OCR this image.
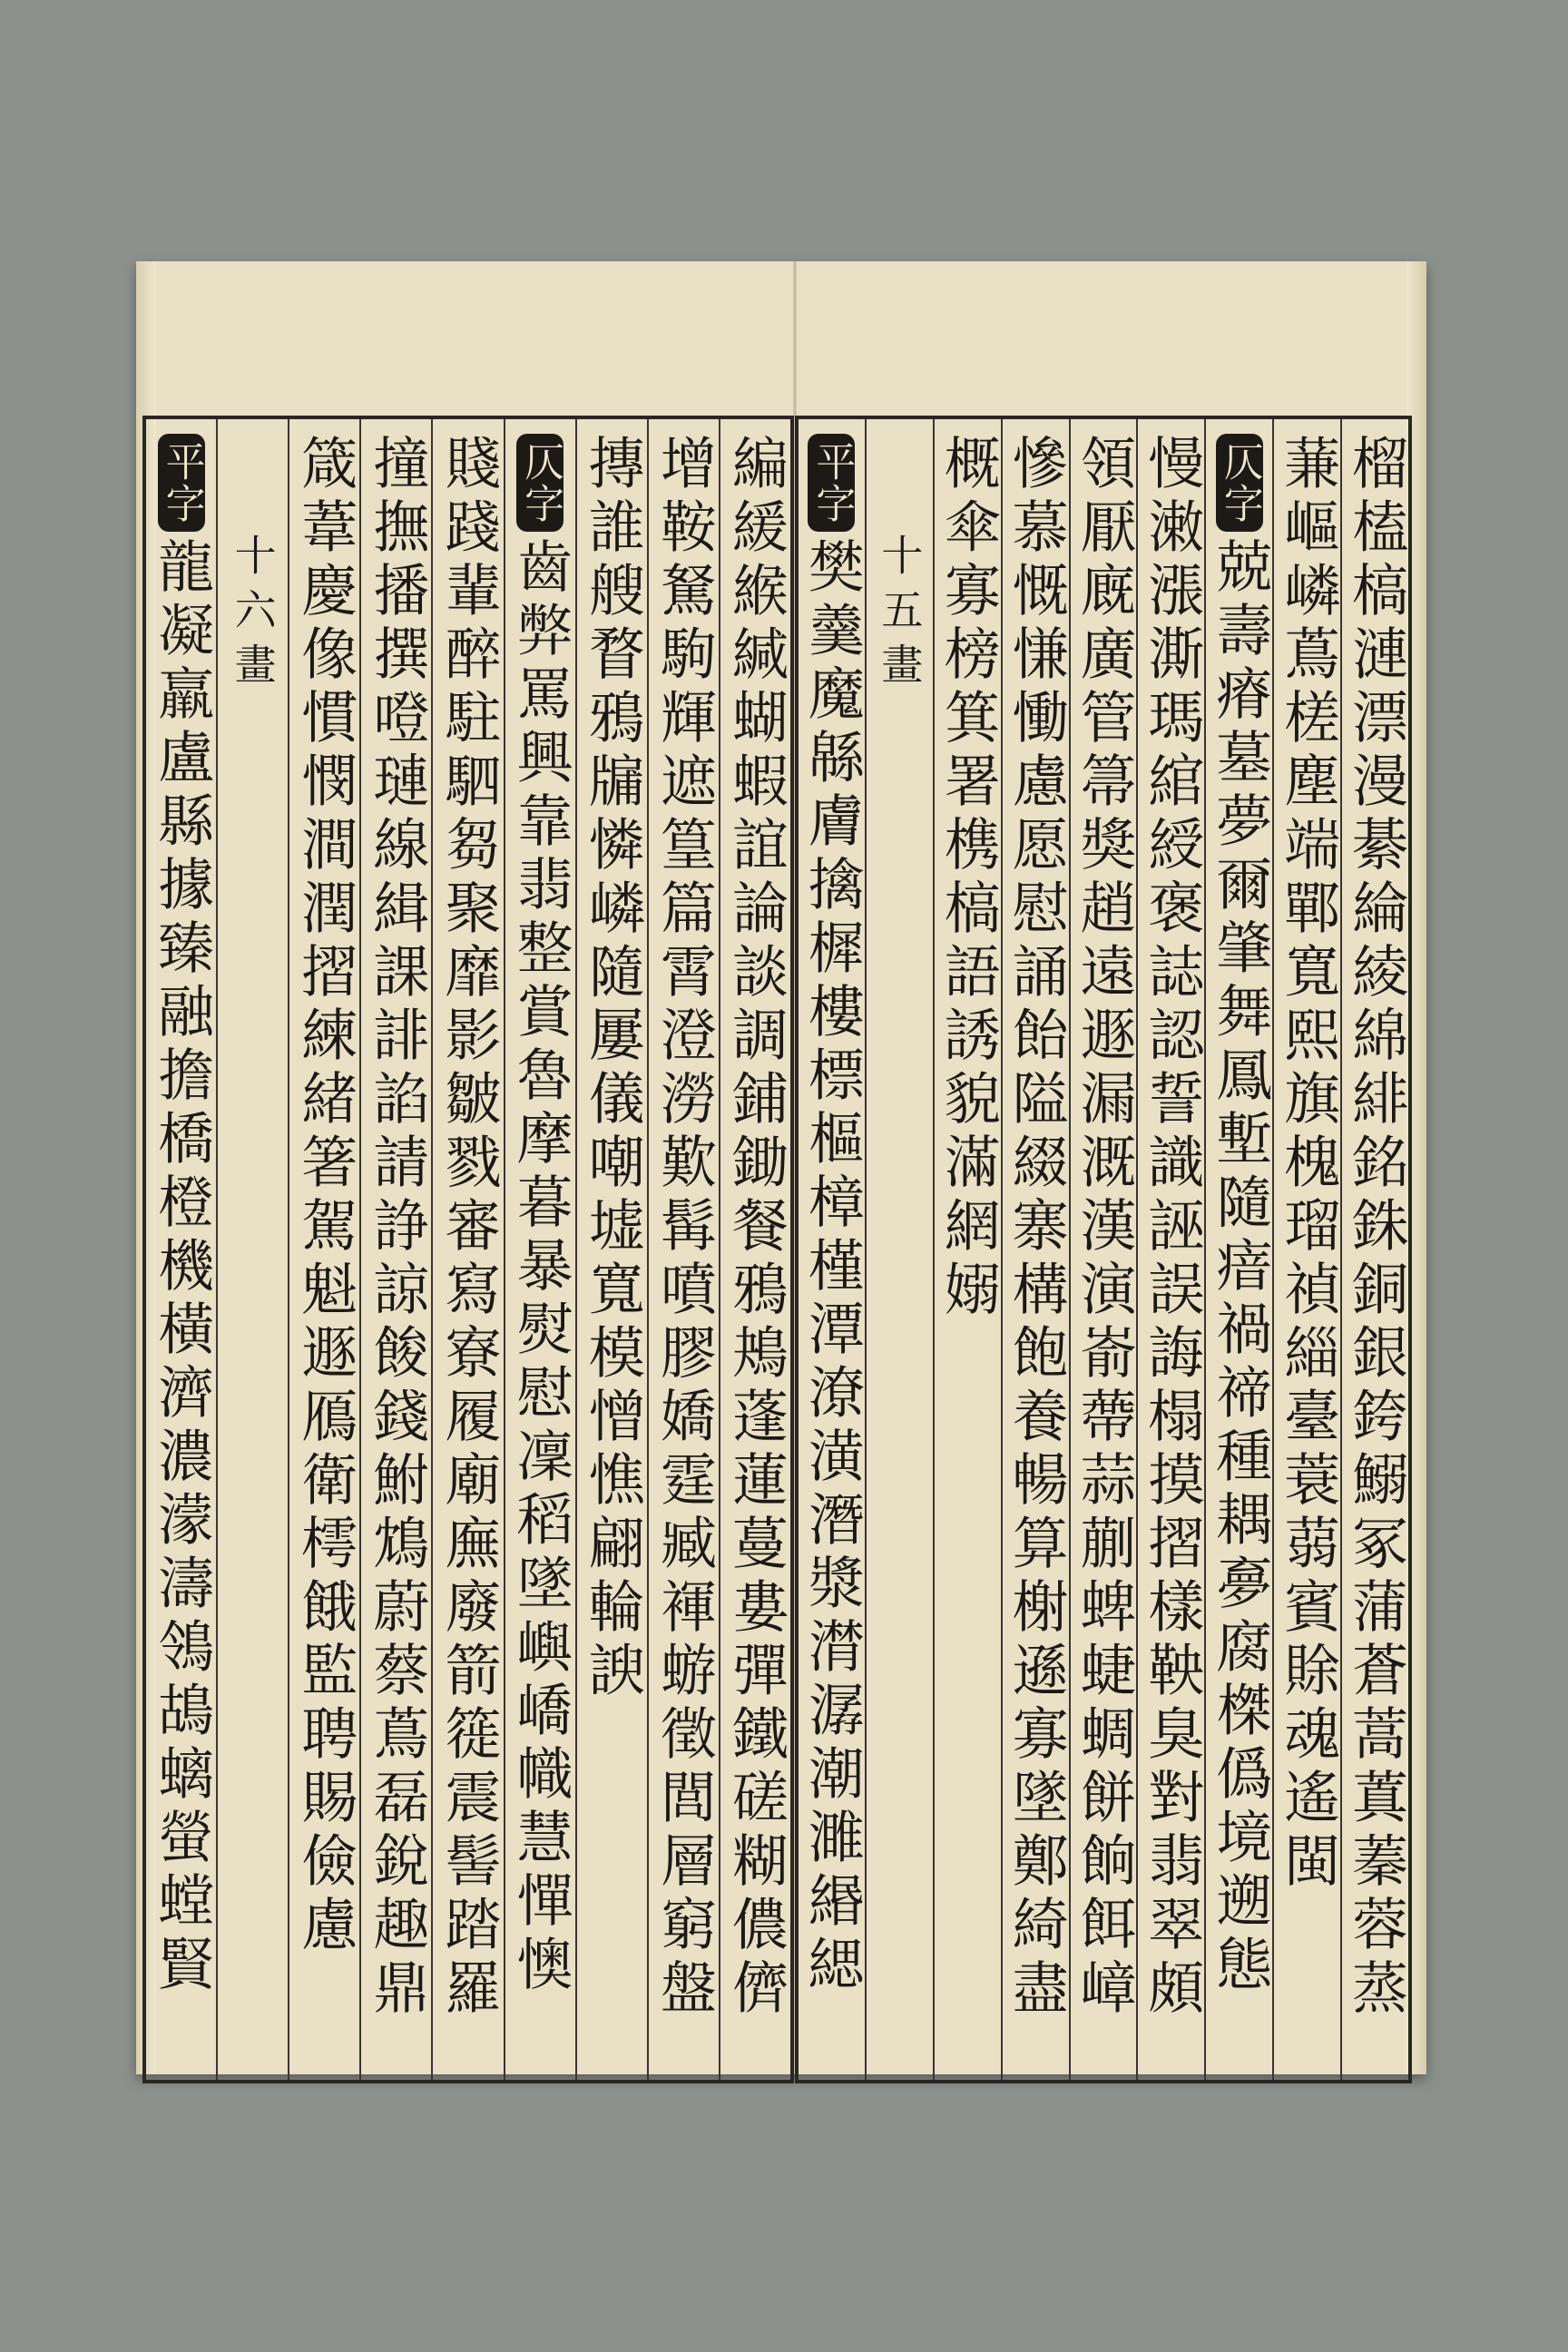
榴榼槁漣漂漫綦綸綾綿緋銘銖銅銀銙鰯冢蒲蒼蒿蒖蓁蓉蒸
蒹嶇嶙蔦槎塵端鄲寬熙旗槐瑠禎緇臺蓑蒻賓賖魂遙閩
仄字
兢壽瘠墓夢爾肇舞鳳塹隨瘖禍禘種耦夣腐榤僞境遡態
慢潄漲澌瑪綰綬褒誌認誓識誣誤誨榻摸摺樣鞅臭對翡翠頗
領厭廐廣管箒獎趙遠遯漏溉漢演嵛蔕蒜蒯蜱蜨蜩餅餉餌嶂
慘慕慨慊慟慮愿慰誦飴隘綴寨構飽養暢算榭遜寡墜鄭綺盡
概傘寡榜箕署槜槁語誘貌滿網嫋
十五畫
平字
樊羹魔緜膚擒樨樓標樞樟槿潭潦潢潛漿潸潺潮濉緡緦
編緩緱緘蝴蝦誼論談調鋪鋤餐鴉鴂蓬蓮蔓婁彈鐵磋糊儂儕
增鞍駑駒輝遮篁篇霄澄澇歎髯噴膠嬌霆臧褌蝣徵閭層窮盤
摶誰艘瞀鴉牖憐嶙隨屢儀嘲墟寬模憎憔翩輪諛
仄字
齒弊罵興靠翡整賞魯摩暮暴熨慰凜稻墜嶼嶠幟慧憚懊
賤踐輩醉駐駟芻聚靡影皺戮審寫寮履廟廡廢箭簁震髻踏羅
撞撫播撰噔璉線緝課誹諂請諍諒餕錢鮒鴆蔚蔡蔦磊銳趣鼎
箴葦慶像慣憫澗潤摺練緒箸駕魁遯鴈衛樗餓監聘賜儉慮
十六畫
平字
龍凝羸盧縣據臻融擔橋橙機橫濟濃濛濤鴒鴣螭螢螳賢
